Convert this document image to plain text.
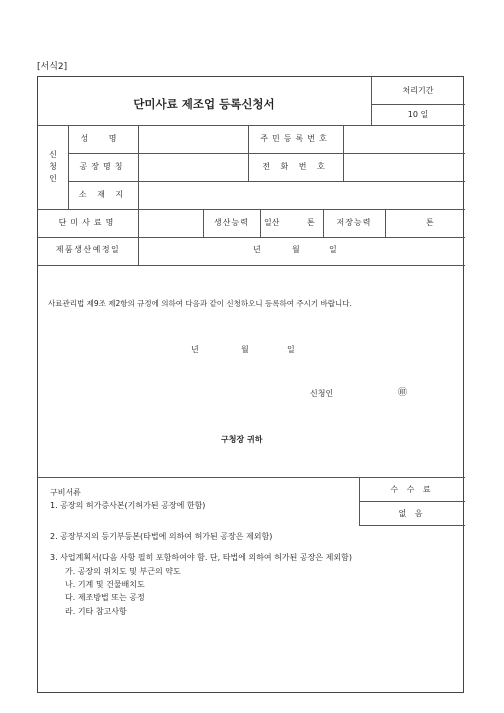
[서식2]
단미사료 제조업 등록신청서
처리기간
10 일
신청인
성 명	주민등록번호
공장명칭	전 화 번 호
소 재 지
단미사료명	생산능력	일산	톤	저장능력	톤
제품생산예정일	년	월	일
사료관리법 제9조 제2항의 규정에 의하여 다음과 같이 신청하오니 등록하여 주시기 바랍니다.
년	월	일
신청인	㊞
구청장 귀하
수 수 료
없 음
구비서류
1. 공장의 허가증사본(기허가된 공장에 한함)
2. 공장부지의 등기부등본(타법에 의하여 허가된 공장은 제외함)
3. 사업계획서(다음 사항 필히 포함하여야 함. 단, 타법에 의하여 허가된 공장은 제외함)
가. 공장의 위치도 및 부근의 약도
나. 기계 및 건물배치도
다. 제조방법 또는 공정
라. 기타 참고사항
